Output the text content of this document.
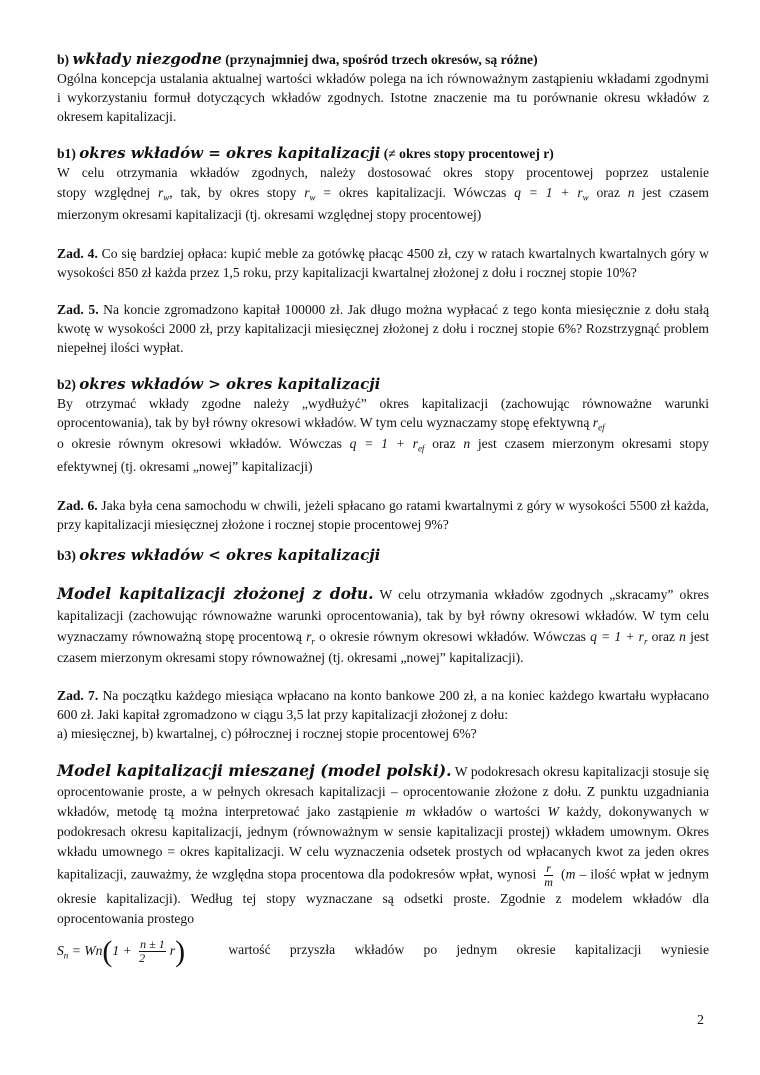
b) wkłady niezgodne (przynajmniej dwa, spośród trzech okresów, są różne)

Ogólna koncepcja ustalania aktualnej wartości wkładów polega na ich równoważnym zastąpieniu wkładami zgodnymi i wykorzystaniu formuł dotyczących wkładów zgodnych. Istotne znaczenie ma tu porównanie okresu wkładów z okresem kapitalizacji.

b1) okres wkładów = okres kapitalizacji (≠ okres stopy procentowej r)

W celu otrzymania wkładów zgodnych, należy dostosować okres stopy procentowej poprzez ustalenie

stopy względnej $r_w$, tak, by okres stopy $r_w$ = okres kapitalizacji. Wówczas $q = 1 + r_w$ oraz n jest czasem

mierzonym okresami kapitalizacji (tj. okresami względnej stopy procentowej)

Zad. 4. Co się bardziej opłaca: kupić meble za gotówkę płacąc 4500 zł, czy w ratach kwartalnych kwartalnych góry w wysokości 850 zł każda przez 1,5 roku, przy kapitalizacji kwartalnej złożonej z dołu i rocznej stopie 10%?

Zad. 5. Na koncie zgromadzono kapitał 100000 zł. Jak długo można wypłacać z tego konta miesięcznie z dołu stałą kwotę w wysokości 2000 zł, przy kapitalizacji miesięcznej złożonej z dołu i rocznej stopie 6%? Rozstrzygnąć problem niepełnej ilości wypłat.

b2) okres wkładów > okres kapitalizacji

By otrzymać wkłady zgodne należy „wydłużyć” okres kapitalizacji (zachowując równoważne warunki oprocentowania), tak by był równy okresowi wkładów. W tym celu wyznaczamy stopę efektywną $r_{ef}$

o okresie równym okresowi wkładów. Wówczas $q = 1 + r_{ef}$ oraz n jest czasem mierzonym okresami stopy

efektywnej (tj. okresami „nowej” kapitalizacji)

Zad. 6. Jaka była cena samochodu w chwili, jeżeli spłacano go ratami kwartalnymi z góry w wysokości 5500 zł każda, przy kapitalizacji miesięcznej złożone i rocznej stopie procentowej 9%?

b3) okres wkładów < okres kapitalizacji

Model kapitalizacji złożonej z dołu. W celu otrzymania wkładów zgodnych „skracamy” okres kapitalizacji (zachowując równoważne warunki oprocentowania), tak by był równy okresowi wkładów. W tym celu wyznaczamy równoważną stopę procentową $r_r$ o okresie równym okresowi wkładów. Wówczas $q = 1 + r_r$ oraz n jest czasem mierzonym okresami stopy równoważnej (tj. okresami „nowej” kapitalizacji).

Zad. 7. Na początku każdego miesiąca wpłacano na konto bankowe 200 zł, a na koniec każdego kwartału wypłacano 600 zł. Jaki kapitał zgromadzono w ciągu 3,5 lat przy kapitalizacji złożonej z dołu:

a) miesięcznej, b) kwartalnej, c) półrocznej i rocznej stopie procentowej 6%?

Model kapitalizacji mieszanej (model polski). W podokresach okresu kapitalizacji stosuje się oprocentowanie proste, a w pełnych okresach kapitalizacji – oprocentowanie złożone z dołu. Z punktu uzgadniania wkładów, metodę tą można interpretować jako zastąpienie m wkładów o wartości W każdy, dokonywanych w podokresach okresu kapitalizacji, jednym (równoważnym w sensie kapitalizacji prostej) wkładem umownym. Okres wkładu umownego = okres kapitalizacji. W celu wyznaczenia odsetek prostych od wpłacanych kwot za jeden okres kapitalizacji, zauważmy, że względna stopa procentowa dla podokresów wpłat, wynosi $\frac{r}{m} (m$ – ilość wpłat w jednym okresie kapitalizacji). Według tej stopy wyznaczane są odsetki proste. Zgodnie z modelem wkładów dla oprocentowania prostego

$S_n = Wn(1 + \frac{n \pm 1}{2} r)$	wartość przyszła wkładów po jednym okresie kapitalizacji wyniesie

2
